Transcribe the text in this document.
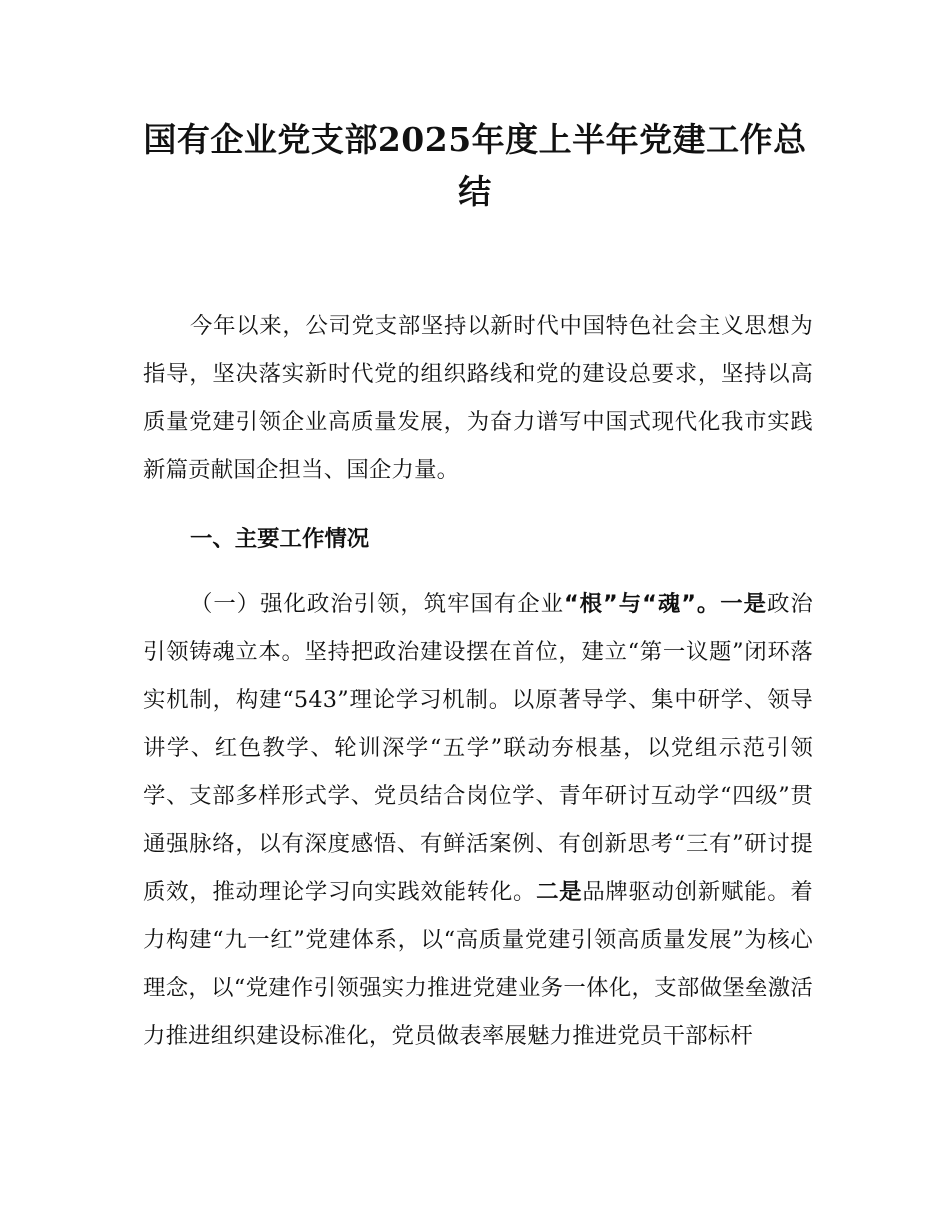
国有企业党支部2025年度上半年党建工作总结

今年以来，公司党支部坚持以新时代中国特色社会主义思想为指导，坚决落实新时代党的组织路线和党的建设总要求，坚持以高质量党建引领企业高质量发展，为奋力谱写中国式现代化我市实践新篇贡献国企担当、国企力量。

一、主要工作情况

（一）强化政治引领，筑牢国有企业“根”与“魂”。一是政治引领铸魂立本。坚持把政治建设摆在首位，建立“第一议题”闭环落实机制，构建“543”理论学习机制。以原著导学、集中研学、领导讲学、红色教学、轮训深学“五学”联动夯根基，以党组示范引领学、支部多样形式学、党员结合岗位学、青年研讨互动学“四级”贯通强脉络，以有深度感悟、有鲜活案例、有创新思考“三有”研讨提质效，推动理论学习向实践效能转化。二是品牌驱动创新赋能。着力构建“九一红”党建体系，以“高质量党建引领高质量发展”为核心理念，以“党建作引领强实力推进党建业务一体化，支部做堡垒激活力推进组织建设标准化，党员做表率展魅力推进党员干部标杆
